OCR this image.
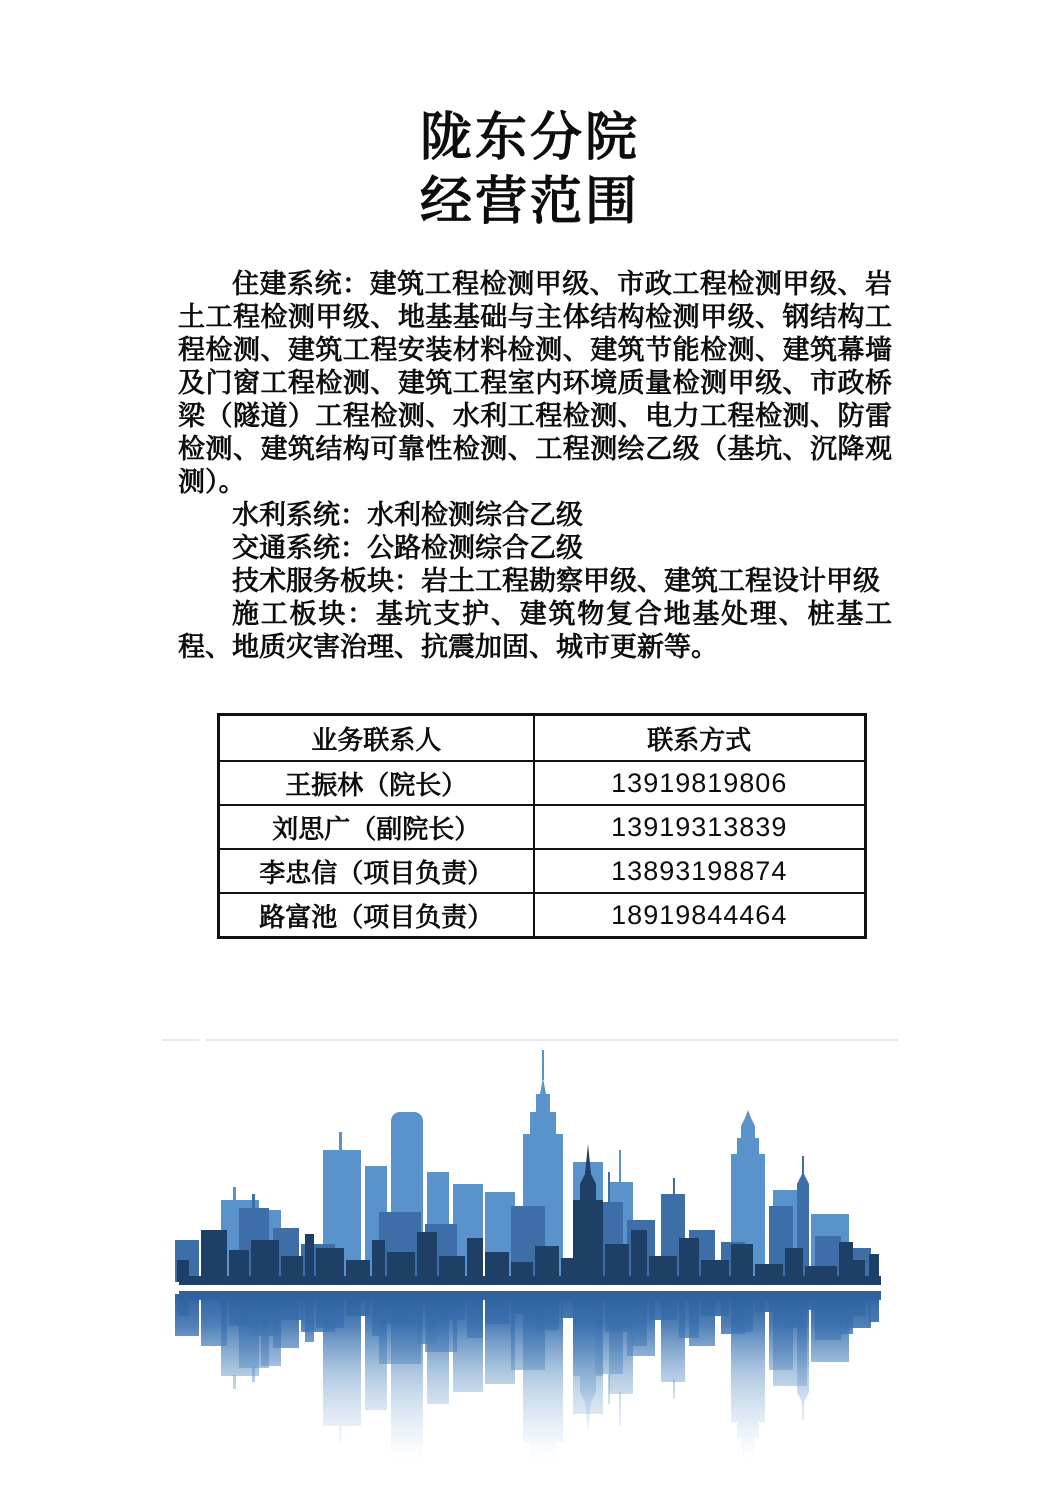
陇东分院
经营范围

住建系统：建筑工程检测甲级、市政工程检测甲级、岩土工程检测甲级、地基基础与主体结构检测甲级、钢结构工程检测、建筑工程安装材料检测、建筑节能检测、建筑幕墙及门窗工程检测、建筑工程室内环境质量检测甲级、市政桥梁（隧道）工程检测、水利工程检测、电力工程检测、防雷检测、建筑结构可靠性检测、工程测绘乙级（基坑、沉降观测）。

水利系统：水利检测综合乙级

交通系统：公路检测综合乙级

技术服务板块：岩土工程勘察甲级、建筑工程设计甲级

施工板块：基坑支护、建筑物复合地基处理、桩基工程、地质灾害治理、抗震加固、城市更新等。

业务联系人	联系方式
王振林（院长）	13919819806
刘思广（副院长）	13919313839
李忠信（项目负责）	13893198874
路富池（项目负责）	18919844464
